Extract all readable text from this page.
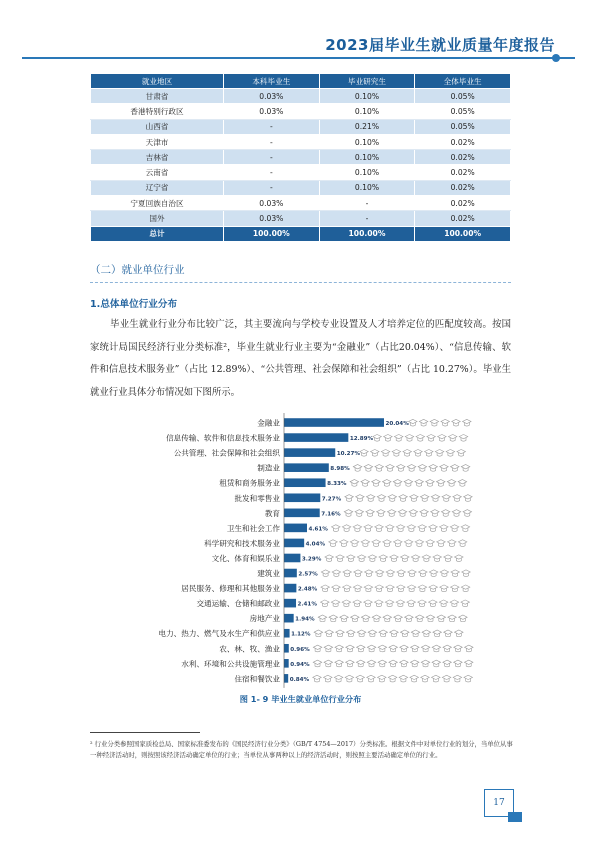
2023届毕业生就业质量年度报告
就业地区	本科毕业生	毕业研究生	全体毕业生
甘肃省	0.03%	0.10%	0.05%
香港特别行政区	0.03%	0.10%	0.05%
山西省	-	0.21%	0.05%
天津市	-	0.10%	0.02%
吉林省	-	0.10%	0.02%
云南省	-	0.10%	0.02%
辽宁省	-	0.10%	0.02%
宁夏回族自治区	0.03%	-	0.02%
国外	0.03%	-	0.02%
总计	100.00%	100.00%	100.00%
（二）就业单位行业
1.总体单位行业分布
毕业生就业行业分布比较广泛，其主要流向与学校专业设置及人才培养定位的匹配度较高。按国家统计局国民经济行业分类标准²，毕业生就业行业主要为“金融业”（占比20.04%）、“信息传输、软件和信息技术服务业”（占比 12.89%）、“公共管理、社会保障和社会组织”（占比 10.27%）。毕业生就业行业具体分布情况如下图所示。
金融业	20.04%
信息传输、软件和信息技术服务业	12.89%
公共管理、社会保障和社会组织	10.27%
制造业	8.98%
租赁和商务服务业	8.33%
批发和零售业	7.27%
教育	7.16%
卫生和社会工作	4.61%
科学研究和技术服务业	4.04%
文化、体育和娱乐业	3.29%
建筑业	2.57%
居民服务、修理和其他服务业	2.48%
交通运输、仓储和邮政业	2.41%
房地产业	1.94%
电力、热力、燃气及水生产和供应业 1.12%
农、林、牧、渔业 0.96%
水利、环境和公共设施管理业 0.94%
住宿和餐饮业 0.84%
图 1- 9 毕业生就业单位行业分布
² 行业分类参照国家质检总局、国家标准委发布的《国民经济行业分类》（GB/T 4754—2017）分类标准。根据文件中对单位行业的划分，当单位从事一种经济活动时，则按照该经济活动确定单位的行业；当单位从事两种以上的经济活动时，则按照主要活动确定单位的行业。
17
